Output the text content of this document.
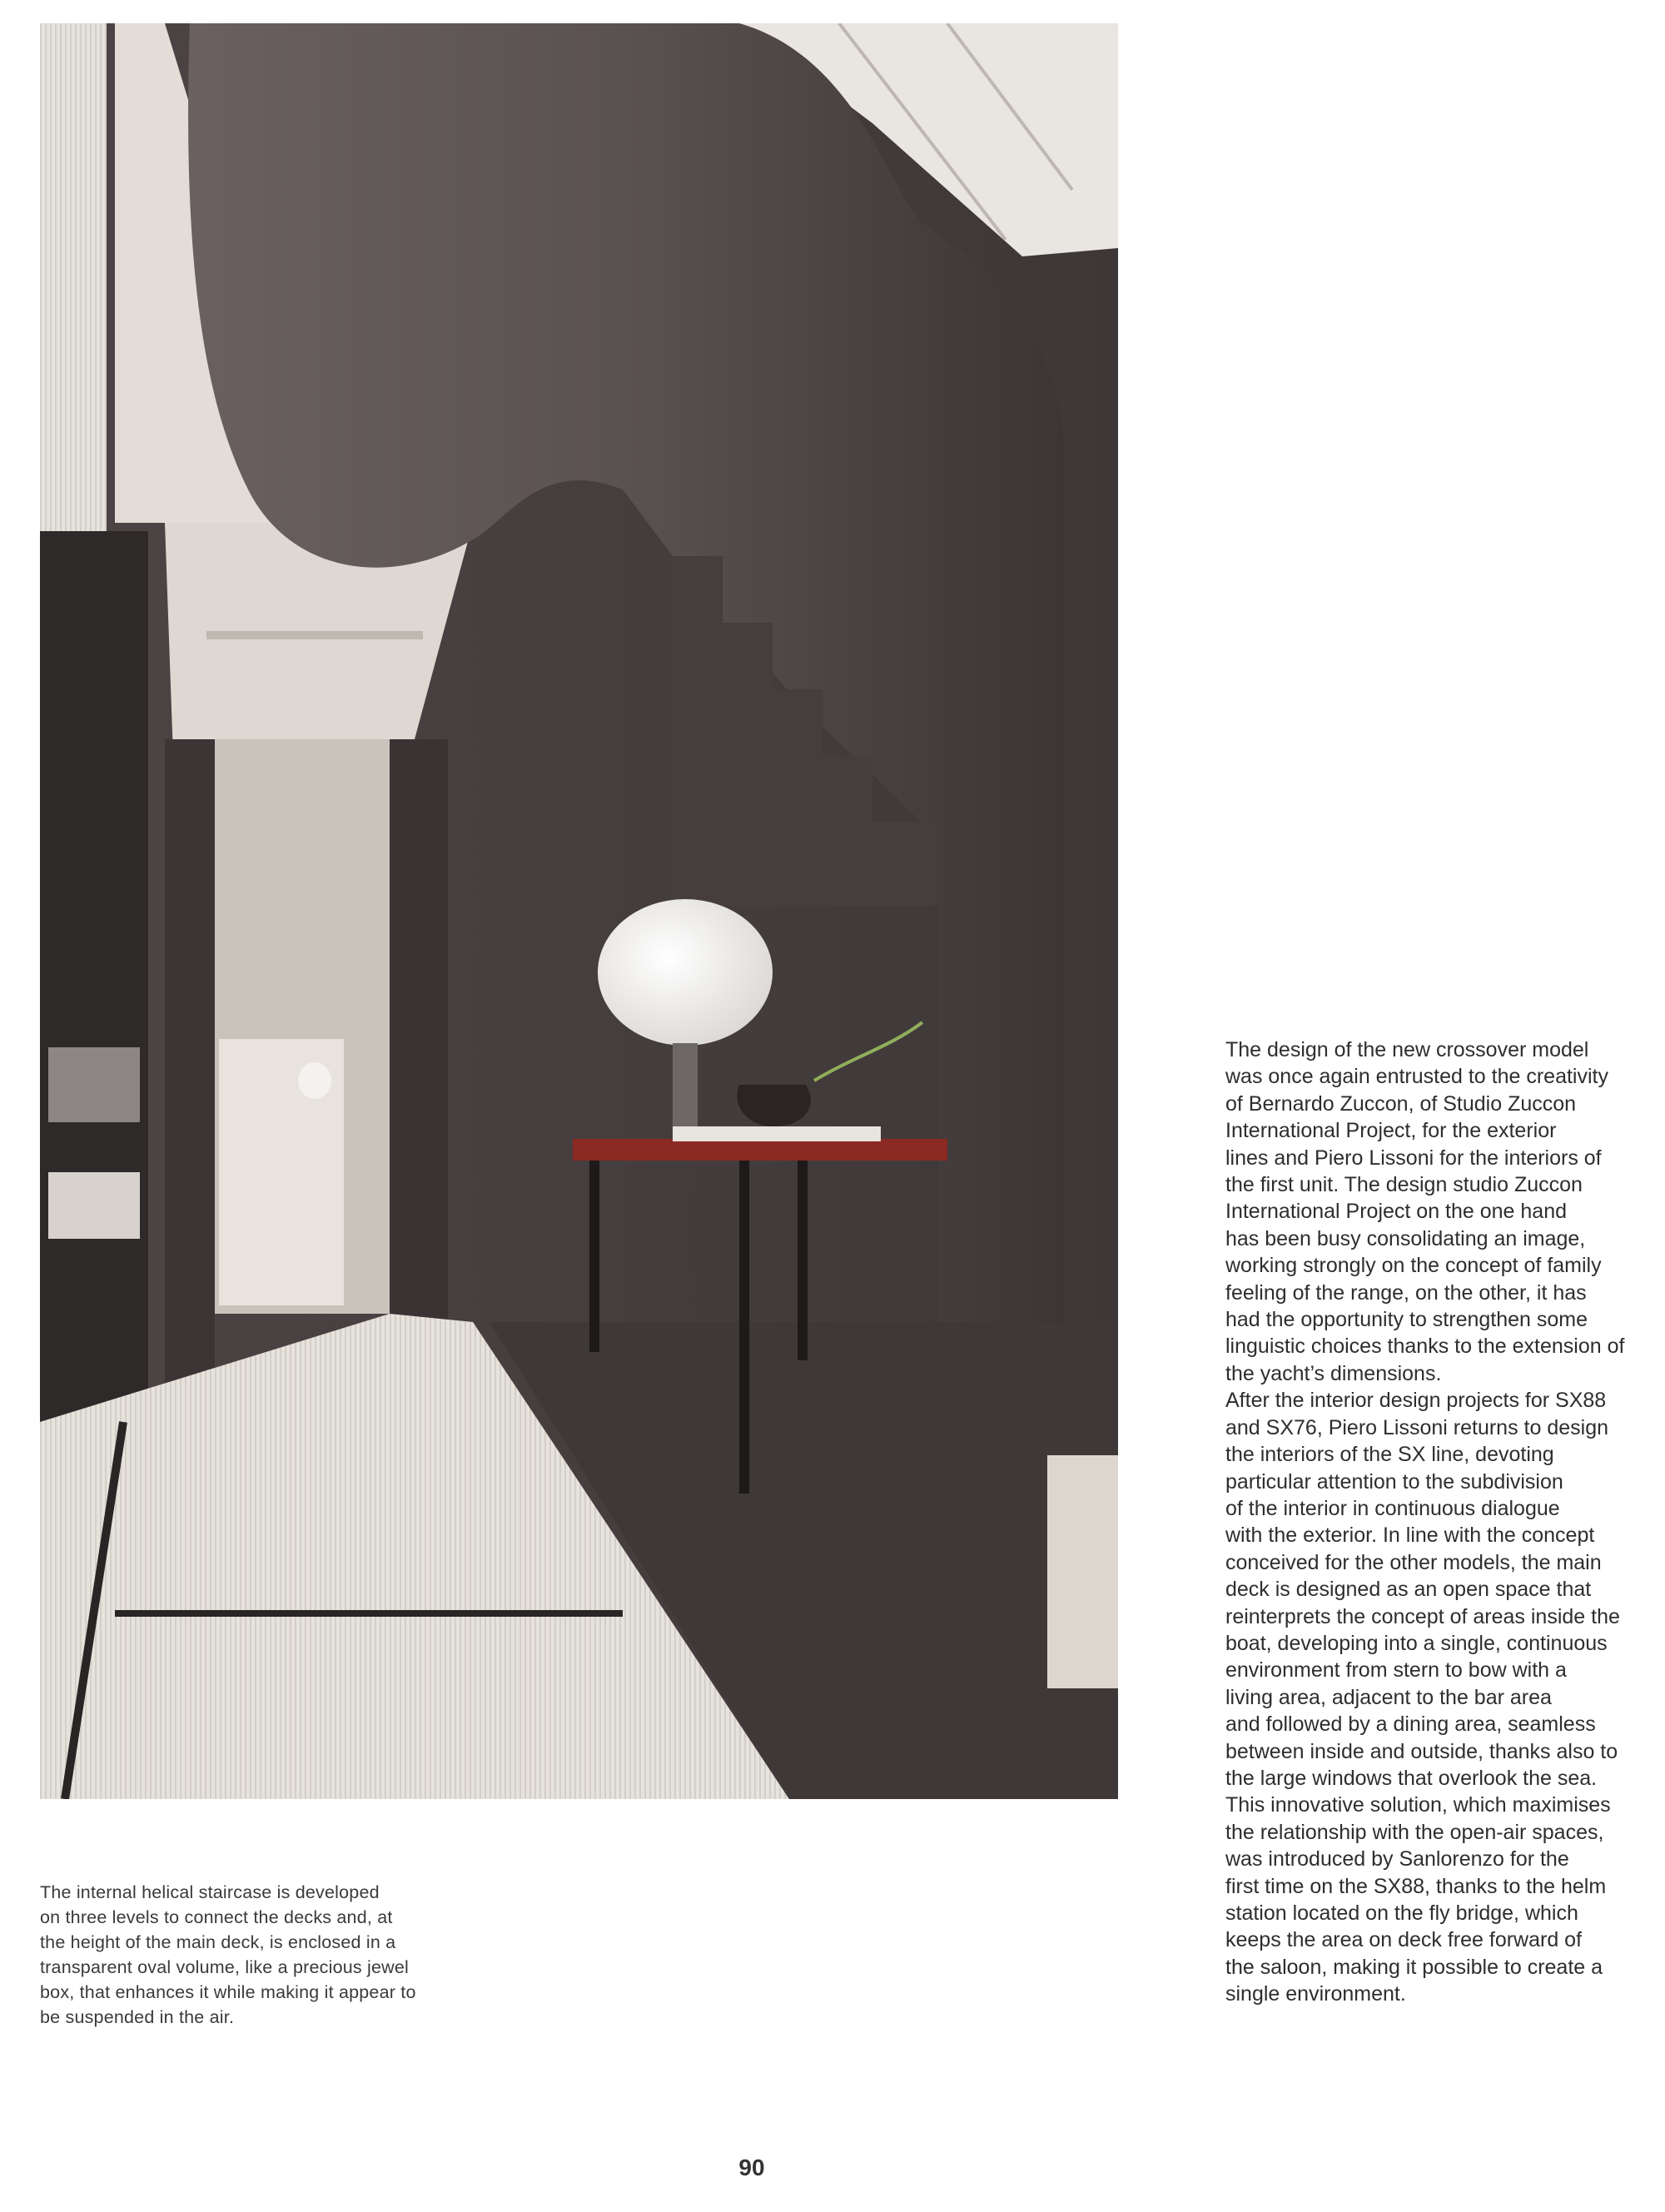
The internal helical staircase is developed

on three levels to connect the decks and, at

the height of the main deck, is enclosed in a

transparent oval volume, like a precious jewel

box, that enhances it while making it appear to

be suspended in the air.

The design of the new crossover model

was once again entrusted to the creativity

of Bernardo Zuccon, of Studio Zuccon

International Project, for the exterior

lines and Piero Lissoni for the interiors of

the first unit. The design studio Zuccon

International Project on the one hand

has been busy consolidating an image,

working strongly on the concept of family

feeling of the range, on the other, it has

had the opportunity to strengthen some

linguistic choices thanks to the extension of

the yacht’s dimensions.

After the interior design projects for SX88

and SX76, Piero Lissoni returns to design

the interiors of the SX line, devoting

particular attention to the subdivision

of the interior in continuous dialogue

with the exterior. In line with the concept

conceived for the other models, the main

deck is designed as an open space that

reinterprets the concept of areas inside the

boat, developing into a single, continuous

environment from stern to bow with a

living area, adjacent to the bar area

and followed by a dining area, seamless

between inside and outside, thanks also to

the large windows that overlook the sea.

This innovative solution, which maximises

the relationship with the open-air spaces,

was introduced by Sanlorenzo for the

first time on the SX88, thanks to the helm

station located on the fly bridge, which

keeps the area on deck free forward of

the saloon, making it possible to create a

single environment.

90
